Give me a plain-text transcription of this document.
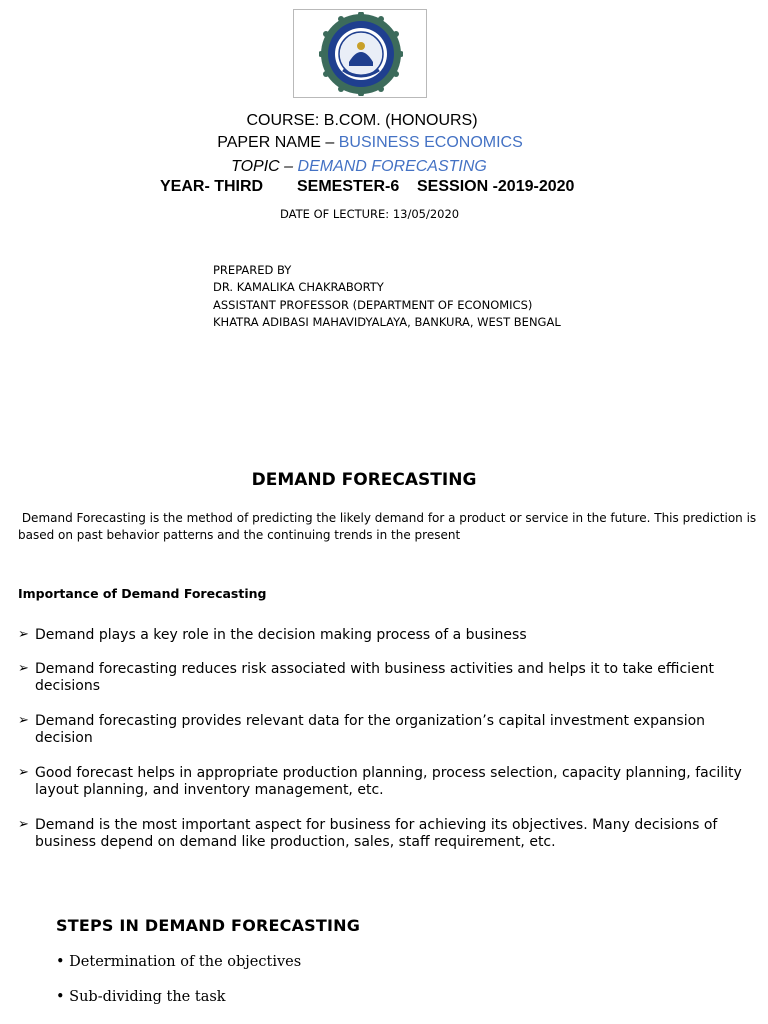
COURSE: B.COM. (HONOURS)
PAPER NAME – BUSINESS ECONOMICS
TOPIC – DEMAND FORECASTING
YEAR- THIRD SEMESTER-6 SESSION -2019-2020
DATE OF LECTURE: 13/05/2020
PREPARED BY
DR. KAMALIKA CHAKRABORTY
ASSISTANT PROFESSOR (DEPARTMENT OF ECONOMICS)
KHATRA ADIBASI MAHAVIDYALAYA, BANKURA, WEST BENGAL
DEMAND FORECASTING
Demand Forecasting is the method of predicting the likely demand for a product or service in the future. This prediction is
based on past behavior patterns and the continuing trends in the present
Importance of Demand Forecasting
➢ Demand plays a key role in the decision making process of a business
➢ Demand forecasting reduces risk associated with business activities and helps it to take efficient decisions
➢ Demand forecasting provides relevant data for the organization’s capital investment expansion decision
➢ Good forecast helps in appropriate production planning, process selection, capacity planning, facility layout planning, and inventory management, etc.
➢ Demand is the most important aspect for business for achieving its objectives. Many decisions of business depend on demand like production, sales, staff requirement, etc.
STEPS IN DEMAND FORECASTING
• Determination of the objectives
• Sub-dividing the task
